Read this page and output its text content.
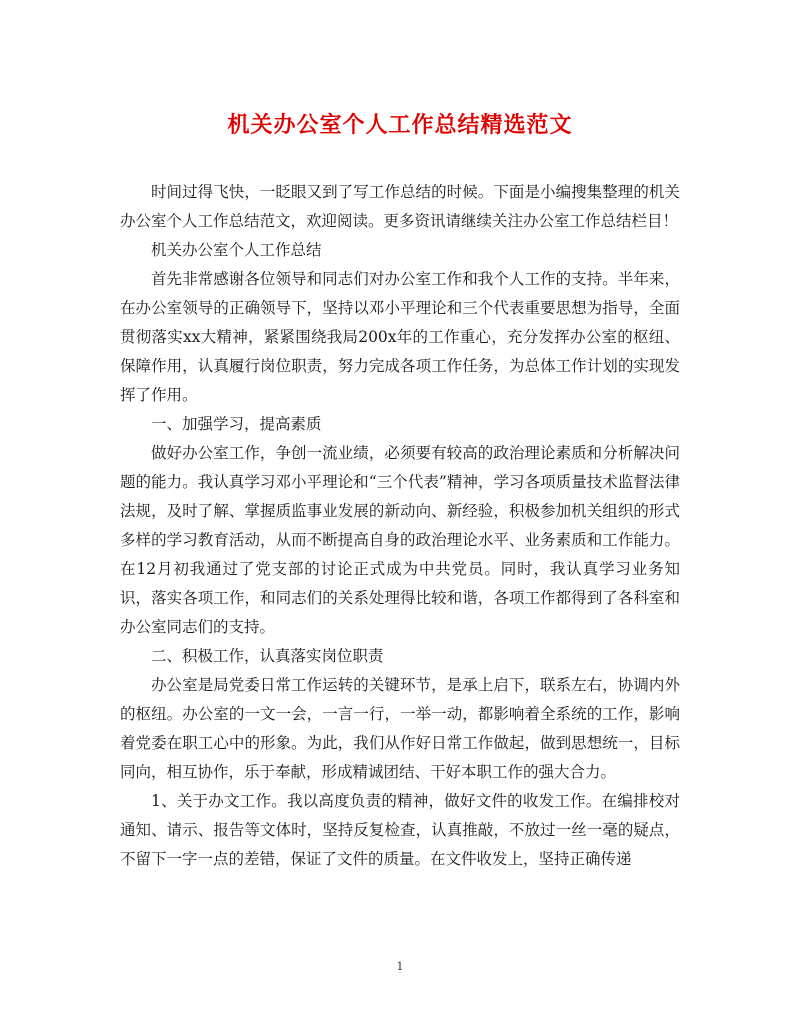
机关办公室个人工作总结精选范文

时间过得飞快，一眨眼又到了写工作总结的时候。下面是小编搜集整理的机关办公室个人工作总结范文，欢迎阅读。更多资讯请继续关注办公室工作总结栏目！

机关办公室个人工作总结

首先非常感谢各位领导和同志们对办公室工作和我个人工作的支持。半年来，在办公室领导的正确领导下，坚持以邓小平理论和三个代表重要思想为指导，全面贯彻落实xx大精神，紧紧围绕我局200x年的工作重心，充分发挥办公室的枢纽、保障作用，认真履行岗位职责，努力完成各项工作任务，为总体工作计划的实现发挥了作用。

一、加强学习，提高素质

做好办公室工作，争创一流业绩，必须要有较高的政治理论素质和分析解决问题的能力。我认真学习邓小平理论和“三个代表”精神，学习各项质量技术监督法律法规，及时了解、掌握质监事业发展的新动向、新经验，积极参加机关组织的形式多样的学习教育活动，从而不断提高自身的政治理论水平、业务素质和工作能力。在12月初我通过了党支部的讨论正式成为中共党员。同时，我认真学习业务知识，落实各项工作，和同志们的关系处理得比较和谐，各项工作都得到了各科室和办公室同志们的支持。

二、积极工作，认真落实岗位职责

办公室是局党委日常工作运转的关键环节，是承上启下，联系左右，协调内外的枢纽。办公室的一文一会，一言一行，一举一动，都影响着全系统的工作，影响着党委在职工心中的形象。为此，我们从作好日常工作做起，做到思想统一，目标同向，相互协作，乐于奉献，形成精诚团结、干好本职工作的强大合力。

1、关于办文工作。我以高度负责的精神，做好文件的收发工作。在编排校对通知、请示、报告等文体时，坚持反复检查，认真推敲，不放过一丝一毫的疑点，不留下一字一点的差错，保证了文件的质量。在文件收发上，坚持正确传递

1
